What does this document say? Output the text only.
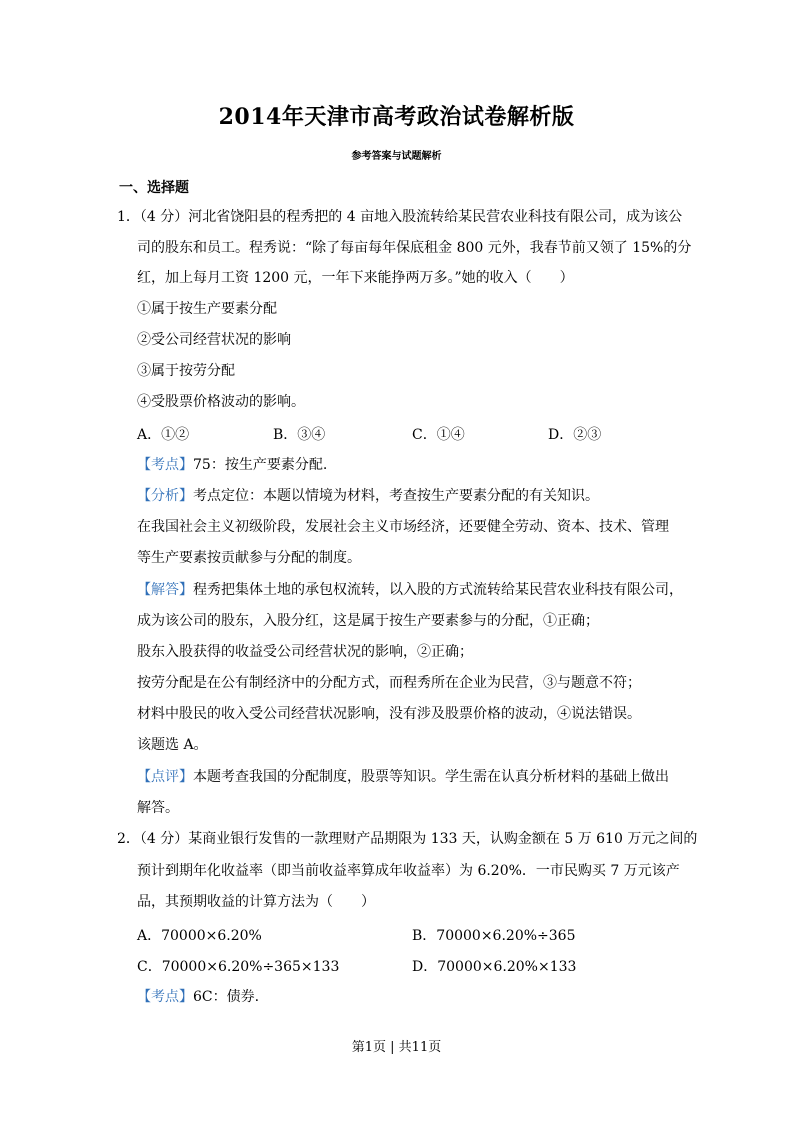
2014年天津市高考政治试卷解析版
参考答案与试题解析
一、选择题
1．（4 分）河北省饶阳县的程秀把的 4 亩地入股流转给某民营农业科技有限公司，成为该公
司的股东和员工。程秀说：“除了每亩每年保底租金 800 元外，我春节前又领了 15%的分
红，加上每月工资 1200 元，一年下来能挣两万多。”她的收入（　　）
①属于按生产要素分配
②受公司经营状况的影响
③属于按劳分配
④受股票价格波动的影响。
A．①②	B．③④	C．①④	D．②③
【考点】75：按生产要素分配.
【分析】考点定位：本题以情境为材料，考查按生产要素分配的有关知识。
在我国社会主义初级阶段，发展社会主义市场经济，还要健全劳动、资本、技术、管理
等生产要素按贡献参与分配的制度。
【解答】程秀把集体土地的承包权流转，以入股的方式流转给某民营农业科技有限公司，
成为该公司的股东，入股分红，这是属于按生产要素参与的分配，①正确；
股东入股获得的收益受公司经营状况的影响，②正确；
按劳分配是在公有制经济中的分配方式，而程秀所在企业为民营，③与题意不符；
材料中股民的收入受公司经营状况影响，没有涉及股票价格的波动，④说法错误。
该题选 A。
【点评】本题考查我国的分配制度，股票等知识。学生需在认真分析材料的基础上做出
解答。
2．（4 分）某商业银行发售的一款理财产品期限为 133 天，认购金额在 5 万 610 万元之间的
预计到期年化收益率（即当前收益率算成年收益率）为 6.20%．一市民购买 7 万元该产
品，其预期收益的计算方法为（　　）
A．70000×6.20%	B．70000×6.20%÷365
C．70000×6.20%÷365×133	D．70000×6.20%×133
【考点】6C：债券.
第1页 | 共11页
